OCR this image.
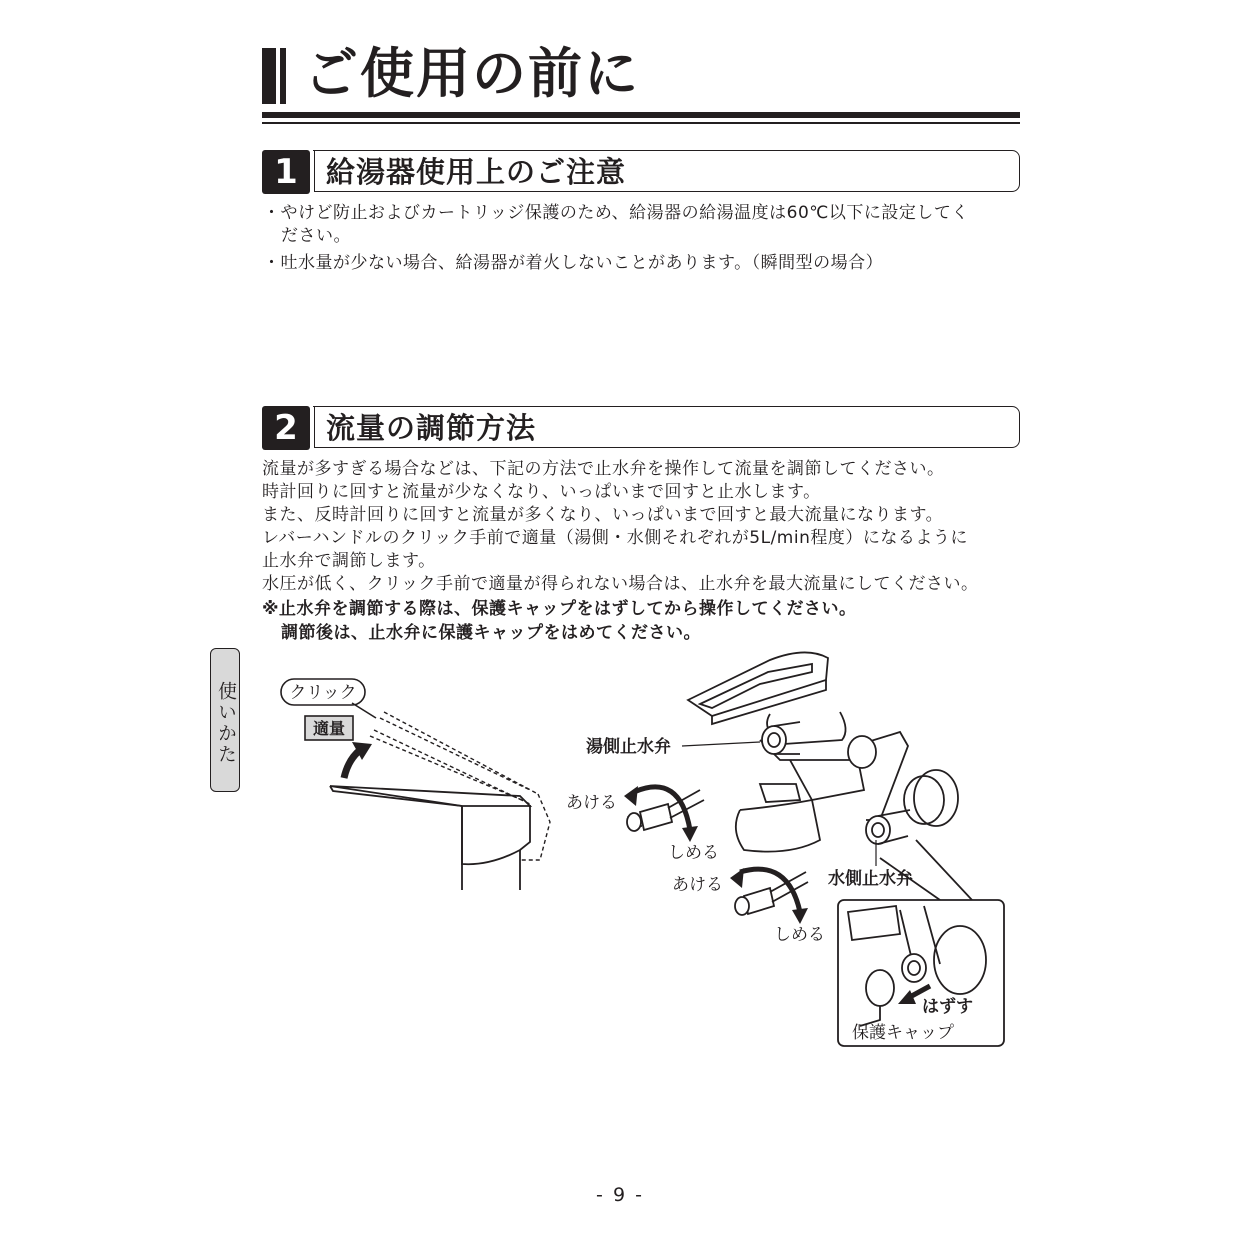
ご使用の前に
1 給湯器使用上のご注意
・やけど防止およびカートリッジ保護のため、給湯器の給湯温度は60℃以下に設定してく
ださい。
・吐水量が少ない場合、給湯器が着火しないことがあります。（瞬間型の場合）
2 流量の調節方法
流量が多すぎる場合などは、下記の方法で止水弁を操作して流量を調節してください。
時計回りに回すと流量が少なくなり、いっぱいまで回すと止水します。
また、反時計回りに回すと流量が多くなり、いっぱいまで回すと最大流量になります。
レバーハンドルのクリック手前で適量（湯側・水側それぞれが5L/min程度）になるように
止水弁で調節します。
水圧が低く、クリック手前で適量が得られない場合は、止水弁を最大流量にしてください。
※止水弁を調節する際は、保護キャップをはずしてから操作してください。
調節後は、止水弁に保護キャップをはめてください。
使いかた	クリック
適量
湯側止水弁
水側止水弁
あける
しめる
あける
しめる
はずす
保護キャップ
- 9 -
